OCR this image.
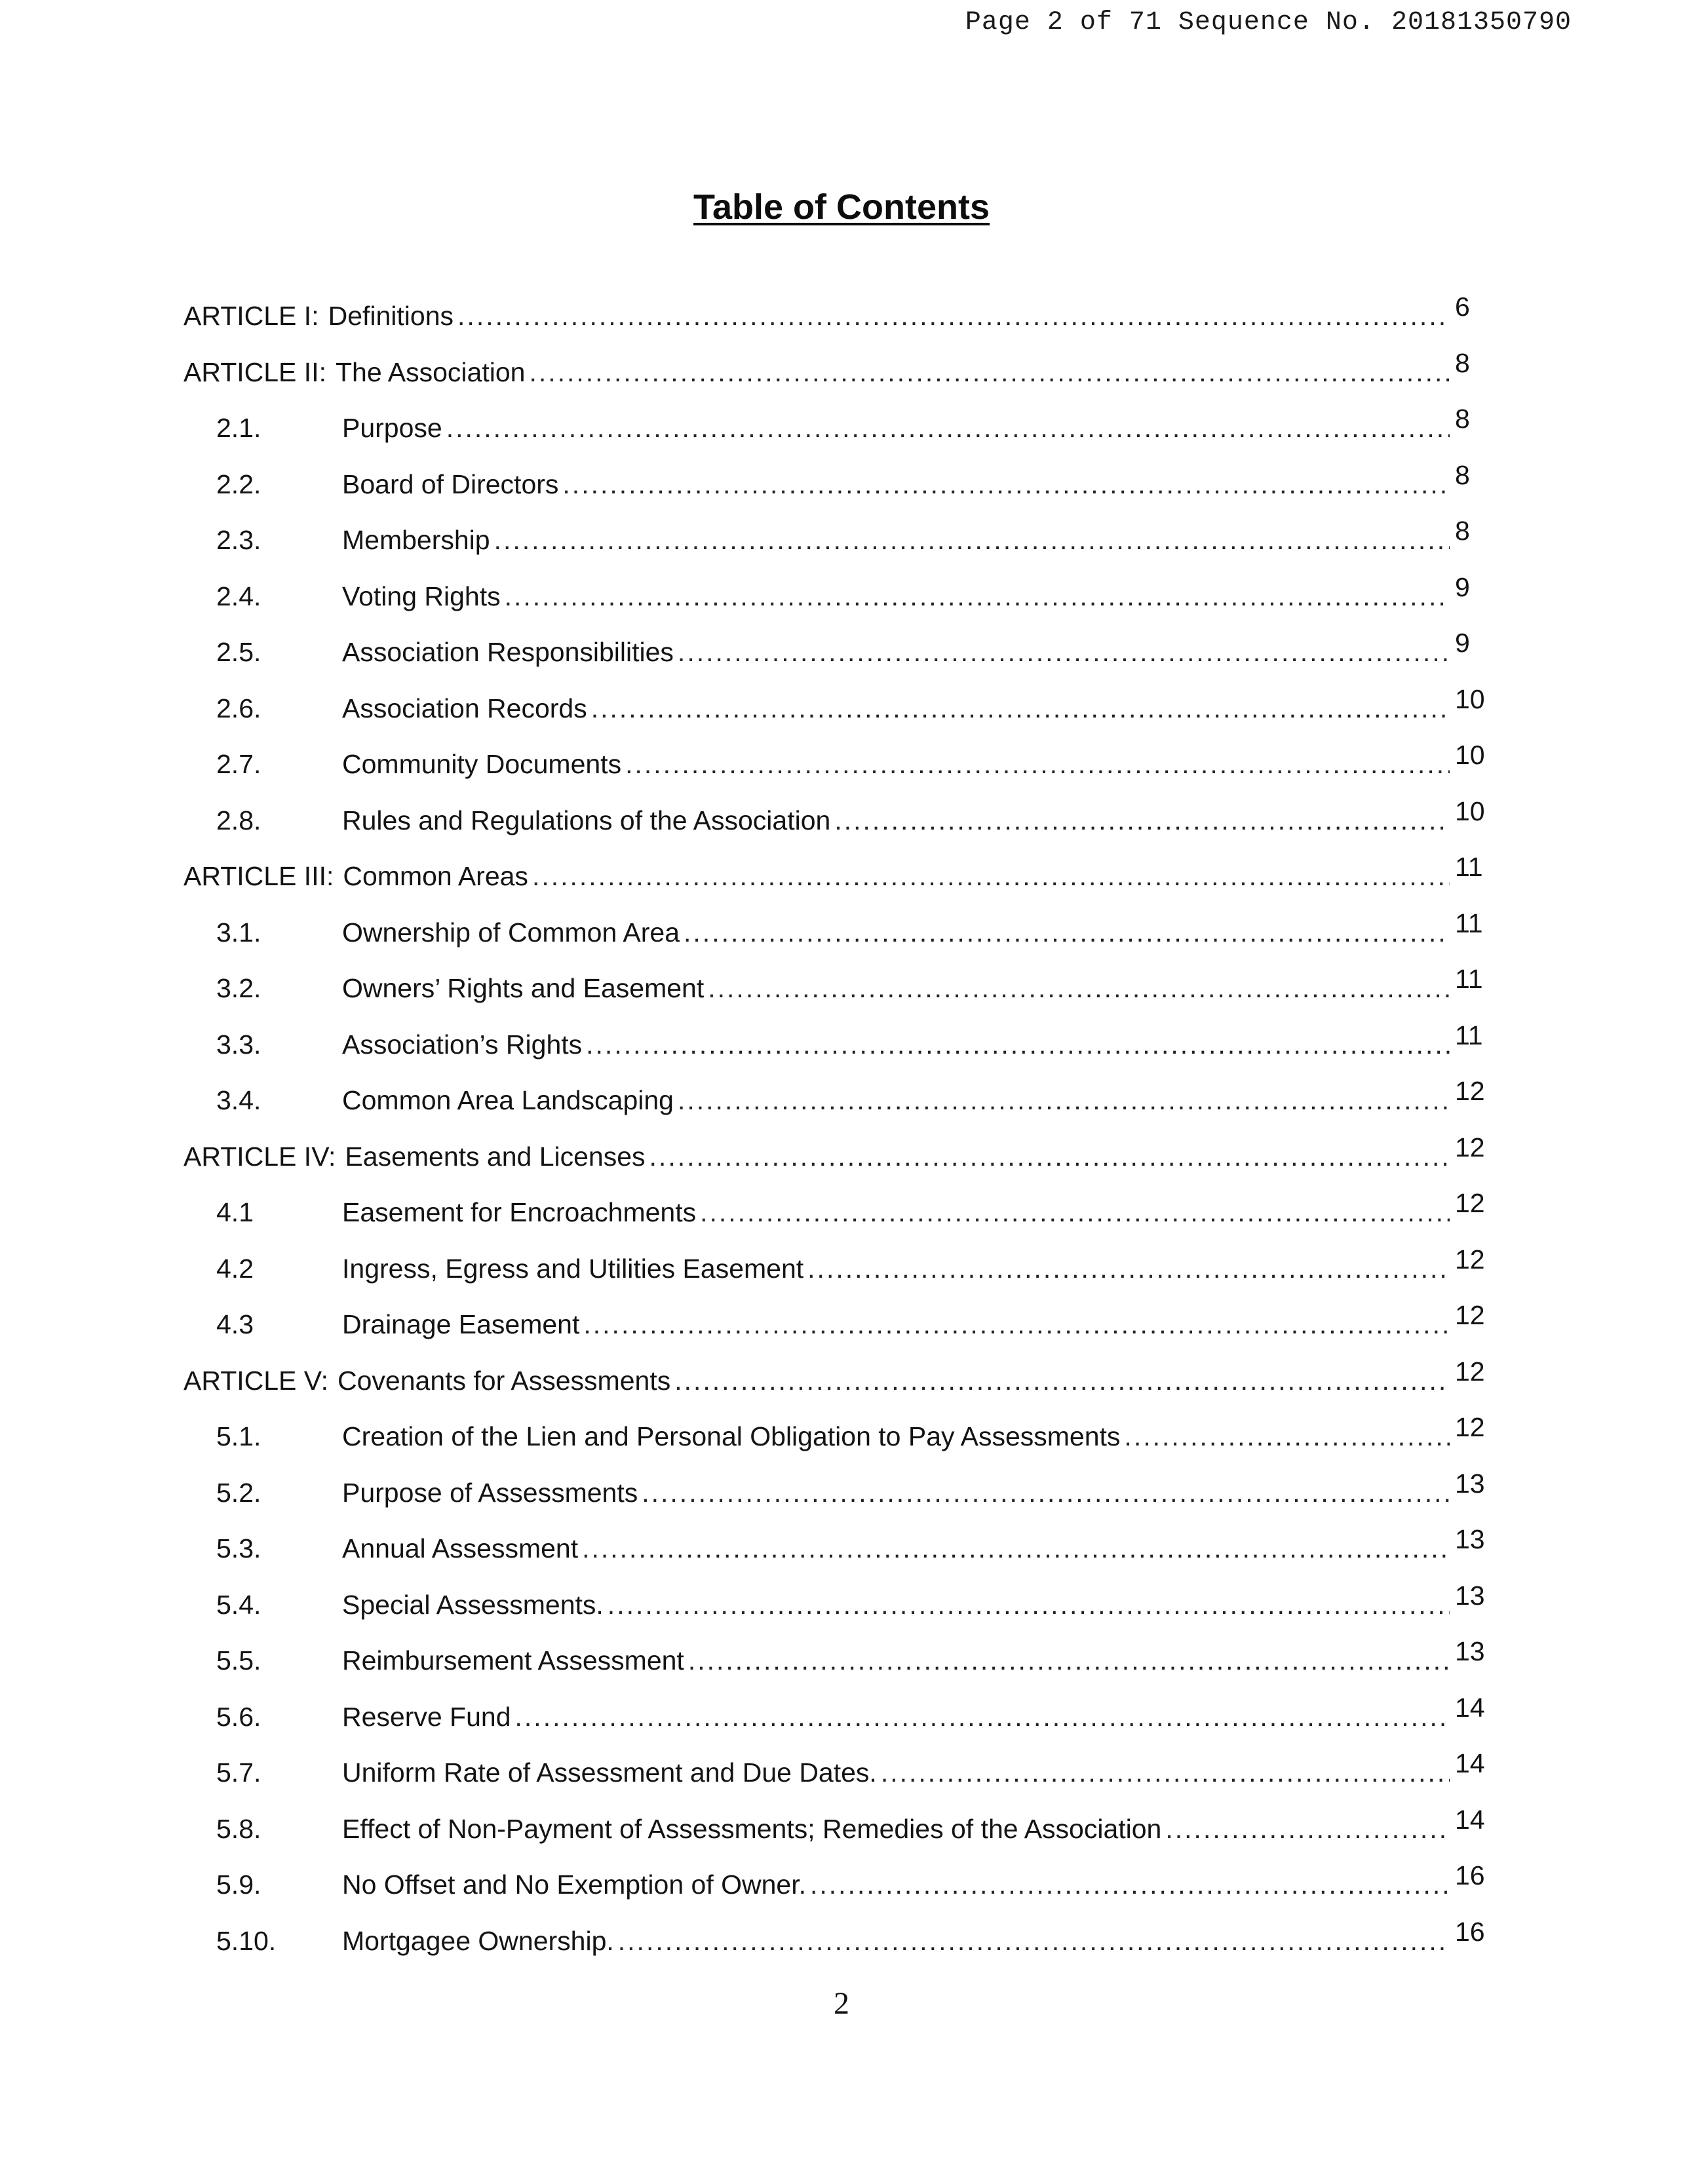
Page 2 of 71 Sequence No. 20181350790
Table of Contents
ARTICLE I: Definitions .....	6
ARTICLE II: The Association .....	8
2.1.	Purpose .....	8
2.2.	Board of Directors .....	8
2.3.	Membership .....	8
2.4.	Voting Rights .....	9
2.5.	Association Responsibilities .....	9
2.6.	Association Records .....	10
2.7.	Community Documents .....	10
2.8.	Rules and Regulations of the Association .....	10
ARTICLE III: Common Areas .....	11
3.1.	Ownership of Common Area .....	11
3.2.	Owners’ Rights and Easement .....	11
3.3.	Association’s Rights .....	11
3.4.	Common Area Landscaping .....	12
ARTICLE IV: Easements and Licenses .....	12
4.1	Easement for Encroachments .....	12
4.2	Ingress, Egress and Utilities Easement .....	12
4.3	Drainage Easement .....	12
ARTICLE V: Covenants for Assessments .....	12
5.1.	Creation of the Lien and Personal Obligation to Pay Assessments .....	12
5.2.	Purpose of Assessments .....	13
5.3.	Annual Assessment .....	13
5.4.	Special Assessments. .....	13
5.5.	Reimbursement Assessment .....	13
5.6.	Reserve Fund .....	14
5.7.	Uniform Rate of Assessment and Due Dates. .....	14
5.8.	Effect of Non-Payment of Assessments; Remedies of the Association .....	14
5.9.	No Offset and No Exemption of Owner. .....	16
5.10.	Mortgagee Ownership. .....	16
2
